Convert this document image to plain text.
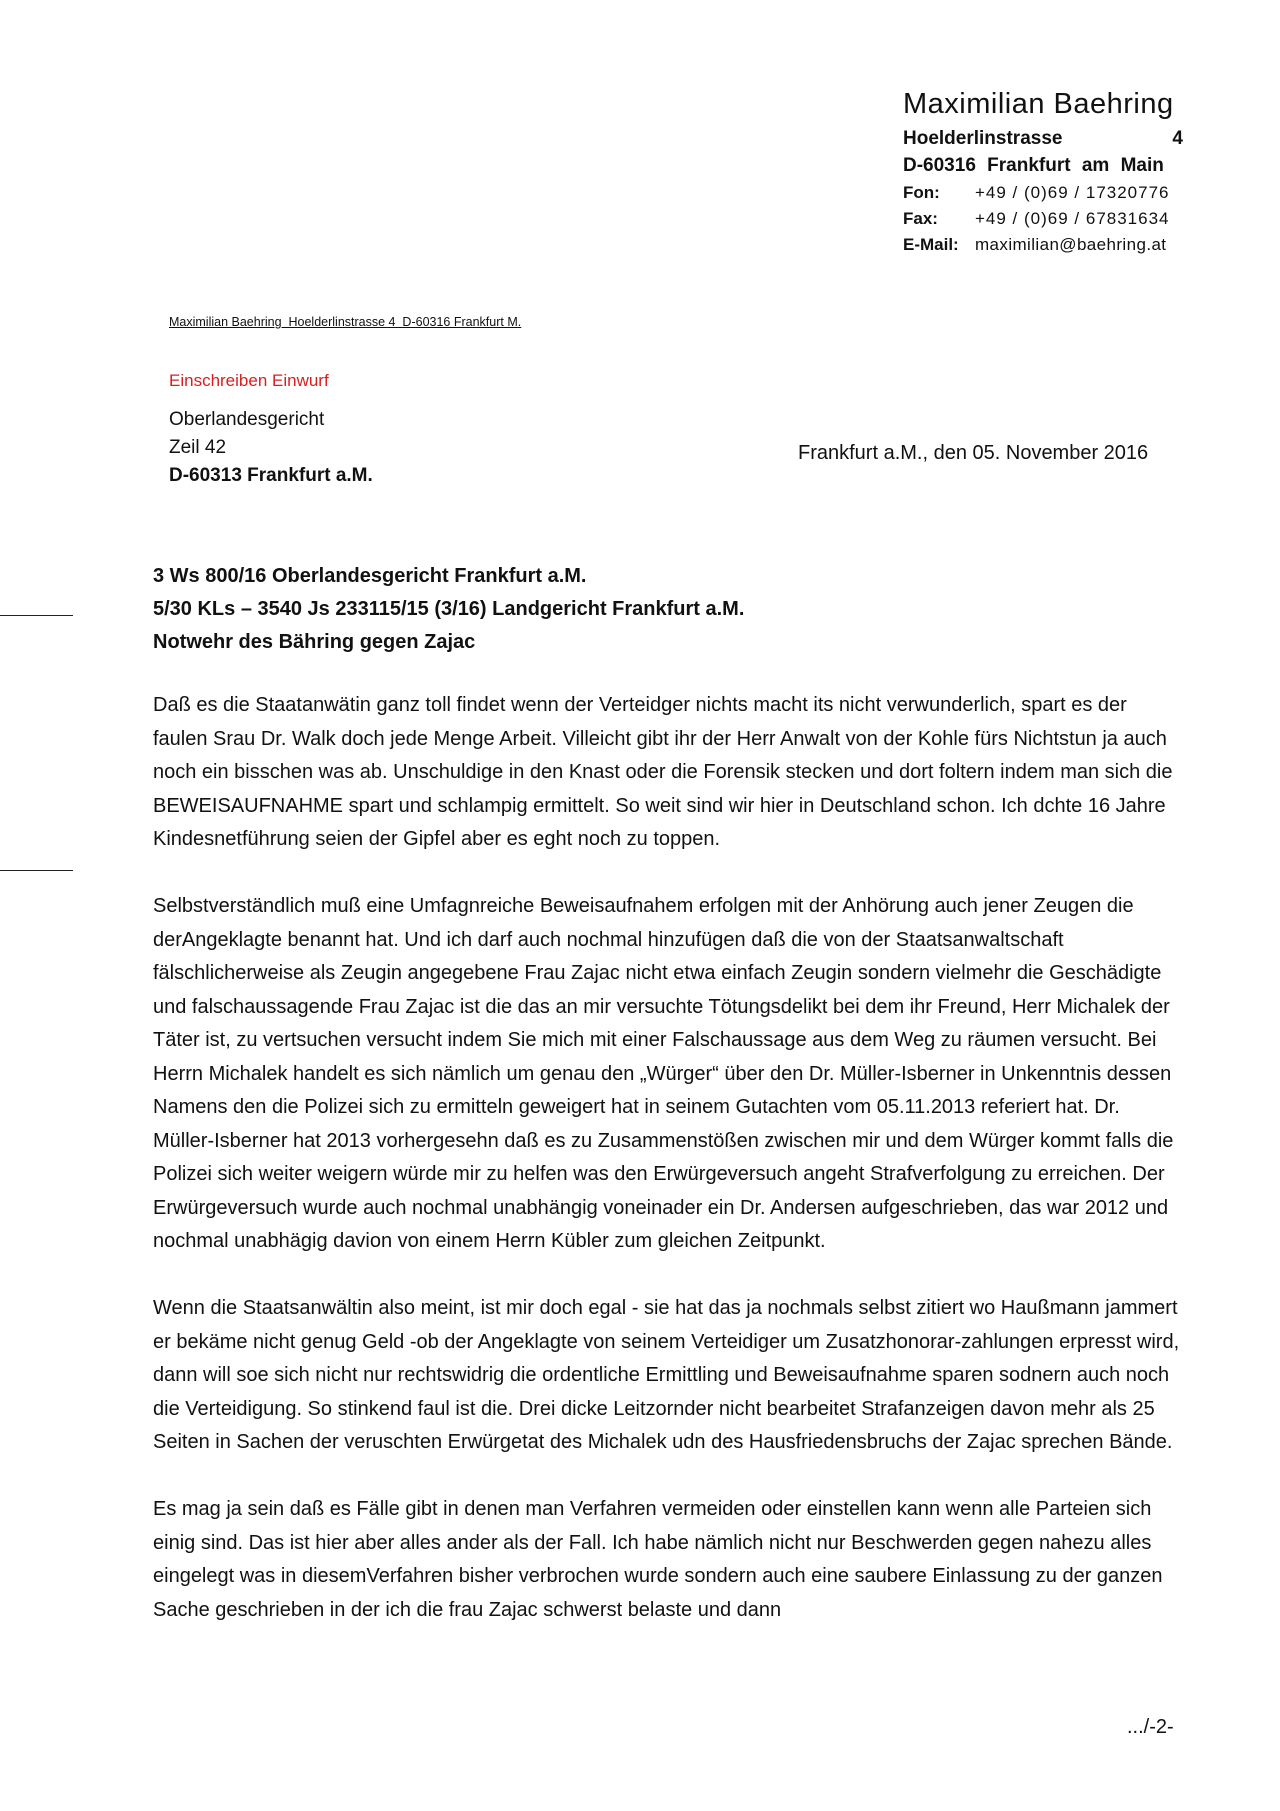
Maximilian Baehring
Hoelderlinstrasse	4
D-60316 Frankfurt am Main
Fon:	+49 / (0)69 / 17320776
Fax:	+49 / (0)69 / 67831634
E-Mail: maximilian@baehring.at
Maximilian Baehring  Hoelderlinstrasse 4  D-60316 Frankfurt M.
Einschreiben Einwurf
Oberlandesgericht
Zeil 42
D-60313 Frankfurt a.M.
Frankfurt a.M., den 05. November 2016
3 Ws 800/16 Oberlandesgericht Frankfurt a.M.
5/30 KLs – 3540 Js 233115/15 (3/16) Landgericht Frankfurt a.M.
Notwehr des Bähring gegen Zajac

Daß es die Staatanwätin ganz toll findet wenn der Verteidger nichts macht its nicht verwunderlich, spart es der faulen Srau Dr. Walk doch jede Menge Arbeit. Villeicht gibt ihr der Herr Anwalt von der Kohle fürs Nichtstun ja auch noch ein bisschen was ab. Unschuldige in den Knast oder die Forensik stecken und dort foltern indem man sich die BEWEISAUFNAHME spart und schlampig ermittelt. So weit sind wir hier in Deutschland schon. Ich dchte 16 Jahre Kindesnetführung seien der Gipfel aber es eght noch zu toppen.

Selbstverständlich muß eine Umfagnreiche Beweisaufnahem erfolgen mit der Anhörung auch jener Zeugen die derAngeklagte benannt hat. Und ich darf auch nochmal hinzufügen daß die von der Staatsanwaltschaft fälschlicherweise als Zeugin angegebene Frau Zajac nicht etwa einfach Zeugin sondern vielmehr die Geschädigte und falschaussagende Frau Zajac ist die das an mir versuchte Tötungsdelikt bei dem ihr Freund, Herr Michalek der Täter ist, zu vertsuchen versucht indem Sie mich mit einer Falschaussage aus dem Weg zu räumen versucht. Bei Herrn Michalek handelt es sich nämlich um genau den „Würger“ über den Dr. Müller-Isberner in Unkenntnis dessen Namens den die Polizei sich zu ermitteln geweigert hat in seinem Gutachten vom 05.11.2013 referiert hat. Dr. Müller-Isberner hat 2013 vorhergesehn daß es zu Zusammenstößen zwischen mir und dem Würger kommt falls die Polizei sich weiter weigern würde mir zu helfen was den Erwürgeversuch angeht Strafverfolgung zu erreichen. Der Erwürgeversuch wurde auch nochmal unabhängig voneinader ein Dr. Andersen aufgeschrieben, das war 2012 und nochmal unabhägig davion von einem Herrn Kübler zum gleichen Zeitpunkt.

Wenn die Staatsanwältin also meint, ist mir doch egal - sie hat das ja nochmals selbst zitiert wo Haußmann jammert er bekäme nicht genug Geld -ob der Angeklagte von seinem Verteidiger um Zusatzhonorar-zahlungen erpresst wird, dann will soe sich nicht nur rechtswidrig die ordentliche Ermittling und Beweisaufnahme sparen sodnern auch noch die Verteidigung. So stinkend faul ist die. Drei dicke Leitzornder nicht bearbeitet Strafanzeigen davon mehr als 25 Seiten in Sachen der veruschten Erwürgetat des Michalek udn des Hausfriedensbruchs der Zajac sprechen Bände.

Es mag ja sein daß es Fälle gibt in denen man Verfahren vermeiden oder einstellen kann wenn alle Parteien sich einig sind. Das ist hier aber alles ander als der Fall. Ich habe nämlich nicht nur Beschwerden gegen nahezu alles eingelegt was in diesemVerfahren bisher verbrochen wurde sondern auch eine saubere Einlassung zu der ganzen Sache geschrieben in der ich die frau Zajac schwerst belaste und dann

.../-2-
